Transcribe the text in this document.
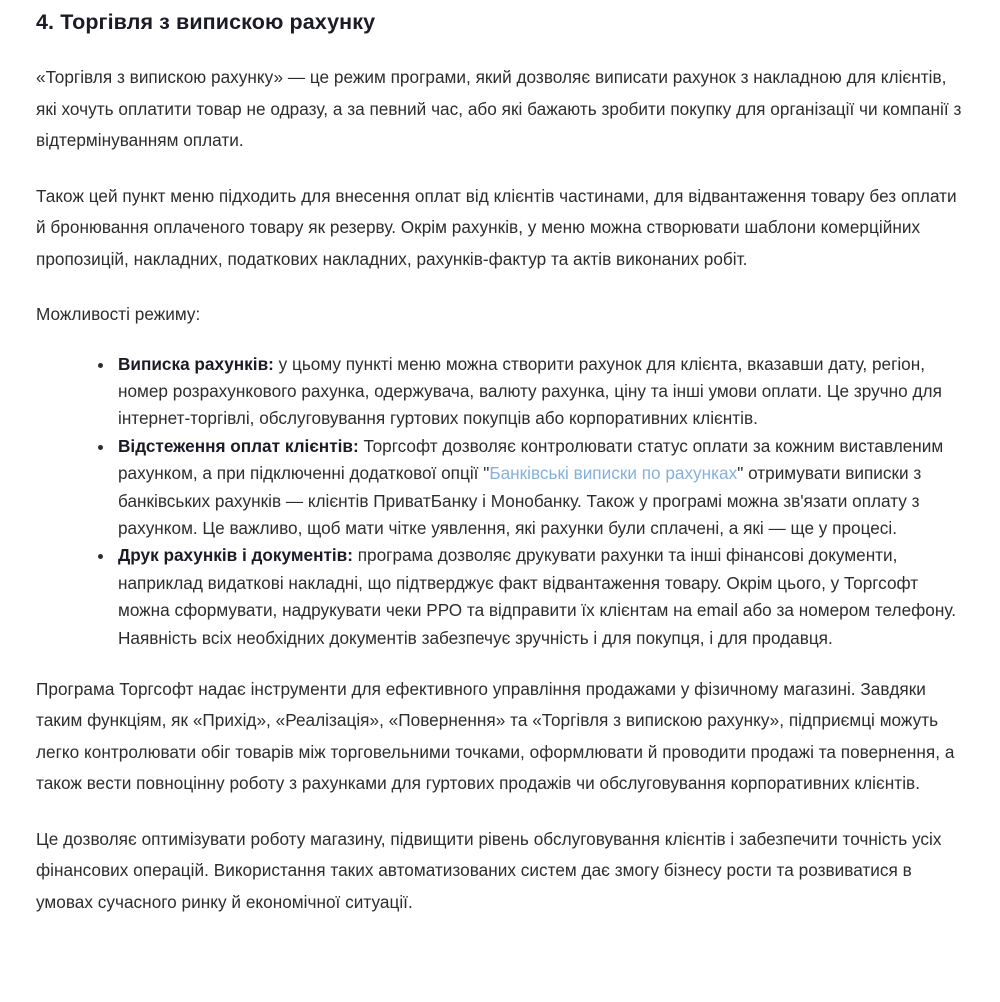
4. Торгівля з випискою рахунку

«Торгівля з випискою рахунку» — це режим програми, який дозволяє виписати рахунок з накладною для клієнтів, які хочуть оплатити товар не одразу, а за певний час, або які бажають зробити покупку для організації чи компанії з відтермінуванням оплати.

Також цей пункт меню підходить для внесення оплат від клієнтів частинами, для відвантаження товару без оплати й бронювання оплаченого товару як резерву. Окрім рахунків, у меню можна створювати шаблони комерційних пропозицій, накладних, податкових накладних, рахунків-фактур та актів виконаних робіт.

Можливості режиму:

Виписка рахунків: у цьому пункті меню можна створити рахунок для клієнта, вказавши дату, регіон, номер розрахункового рахунка, одержувача, валюту рахунка, ціну та інші умови оплати. Це зручно для інтернет-торгівлі, обслуговування гуртових покупців або корпоративних клієнтів.
Відстеження оплат клієнтів: Торгсофт дозволяє контролювати статус оплати за кожним виставленим рахунком, а при підключенні додаткової опції "Банківські виписки по рахунках" отримувати виписки з банківських рахунків — клієнтів ПриватБанку і Монобанку. Також у програмі можна зв'язати оплату з рахунком. Це важливо, щоб мати чітке уявлення, які рахунки були сплачені, а які — ще у процесі.
Друк рахунків і документів: програма дозволяє друкувати рахунки та інші фінансові документи, наприклад видаткові накладні, що підтверджує факт відвантаження товару. Окрім цього, у Торгсофт можна сформувати, надрукувати чеки РРО та відправити їх клієнтам на email або за номером телефону. Наявність всіх необхідних документів забезпечує зручність і для покупця, і для продавця.

Програма Торгсофт надає інструменти для ефективного управління продажами у фізичному магазині. Завдяки таким функціям, як «Прихід», «Реалізація», «Повернення» та «Торгівля з випискою рахунку», підприємці можуть легко контролювати обіг товарів між торговельними точками, оформлювати й проводити продажі та повернення, а також вести повноцінну роботу з рахунками для гуртових продажів чи обслуговування корпоративних клієнтів.

Це дозволяє оптимізувати роботу магазину, підвищити рівень обслуговування клієнтів і забезпечити точність усіх фінансових операцій. Використання таких автоматизованих систем дає змогу бізнесу рости та розвиватися в умовах сучасного ринку й економічної ситуації.
